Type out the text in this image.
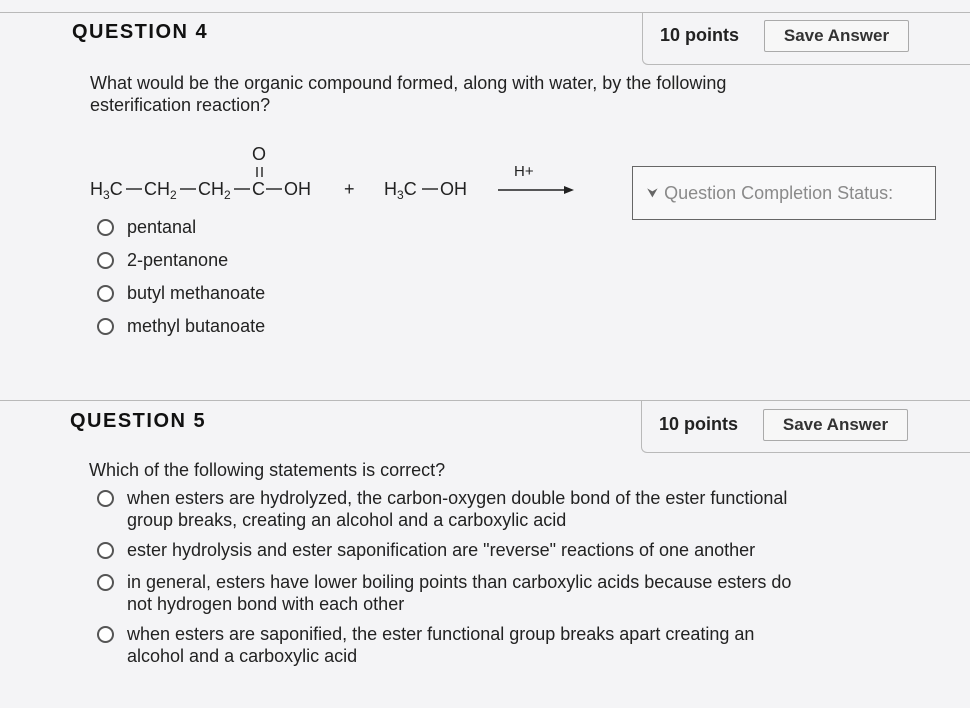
QUESTION 4	10 points	Save Answer
What would be the organic compound formed, along with water, by the following
esterification reaction?
O
$H_3C$ $CH_2$ $CH_2$ C OH + $H_3C$ OH
H+
⮟ Question Completion Status:
pentanal
2-pentanone
butyl methanoate
methyl butanoate
QUESTION 5	10 points	Save Answer
Which of the following statements is correct?
when esters are hydrolyzed, the carbon-oxygen double bond of the ester functional
group breaks, creating an alcohol and a carboxylic acid
ester hydrolysis and ester saponification are "reverse" reactions of one another
in general, esters have lower boiling points than carboxylic acids because esters do
not hydrogen bond with each other
when esters are saponified, the ester functional group breaks apart creating an
alcohol and a carboxylic acid
